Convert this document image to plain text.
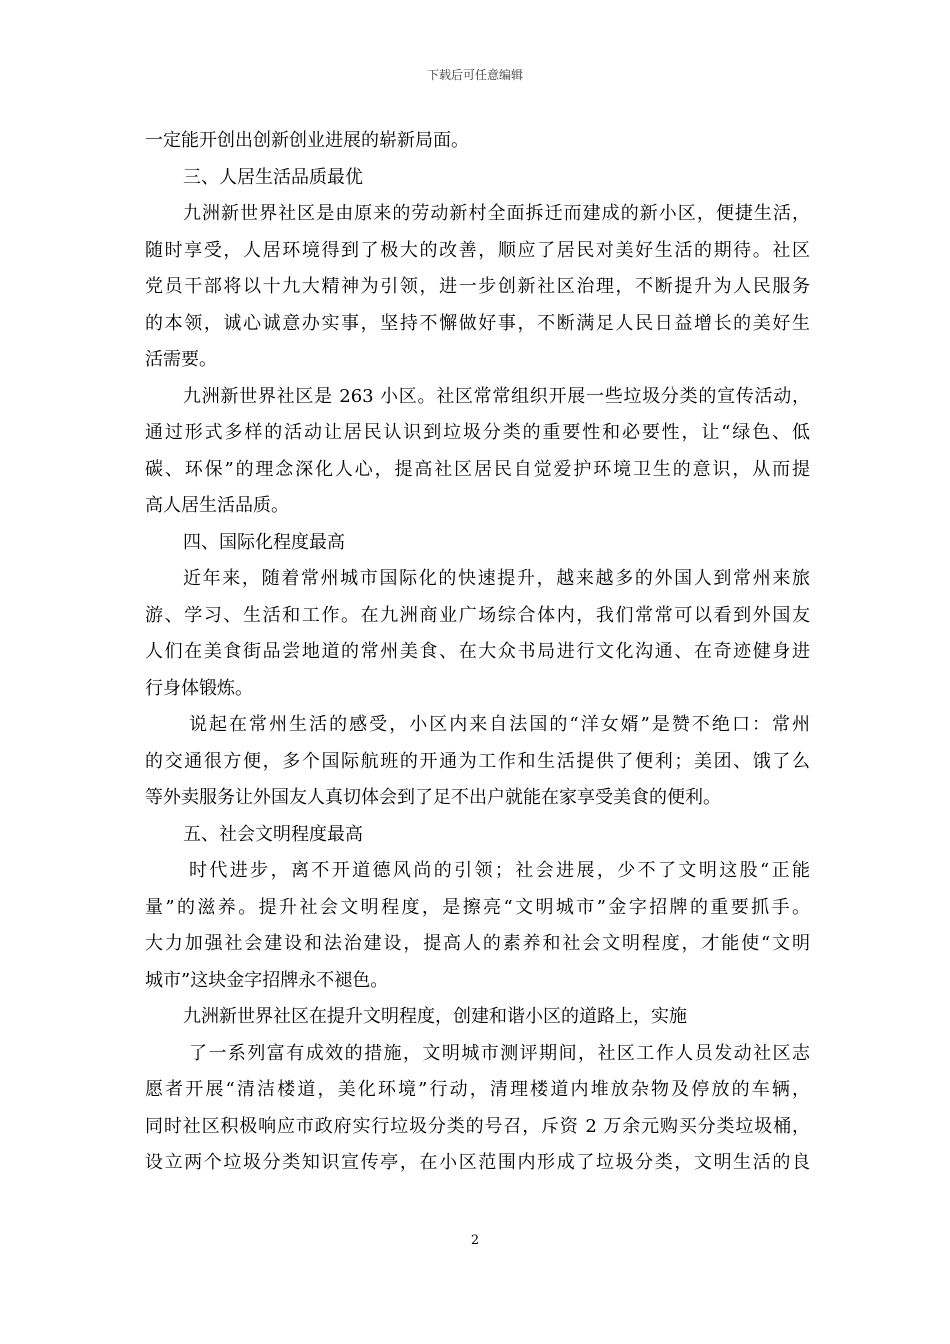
下载后可任意编辑
一定能开创出创新创业进展的崭新局面。
三、人居生活品质最优
九洲新世界社区是由原来的劳动新村全面拆迁而建成的新小区，便捷生活，
随时享受，人居环境得到了极大的改善，顺应了居民对美好生活的期待。社区
党员干部将以十九大精神为引领，进一步创新社区治理，不断提升为人民服务
的本领，诚心诚意办实事，坚持不懈做好事，不断满足人民日益增长的美好生
活需要。
九洲新世界社区是 263 小区。社区常常组织开展一些垃圾分类的宣传活动，
通过形式多样的活动让居民认识到垃圾分类的重要性和必要性，让“绿色、低
碳、环保”的理念深化人心，提高社区居民自觉爱护环境卫生的意识，从而提
高人居生活品质。
四、国际化程度最高
近年来，随着常州城市国际化的快速提升，越来越多的外国人到常州来旅
游、学习、生活和工作。在九洲商业广场综合体内，我们常常可以看到外国友
人们在美食街品尝地道的常州美食、在大众书局进行文化沟通、在奇迹健身进
行身体锻炼。
说起在常州生活的感受，小区内来自法国的“洋女婿”是赞不绝口：常州
的交通很方便，多个国际航班的开通为工作和生活提供了便利；美团、饿了么
等外卖服务让外国友人真切体会到了足不出户就能在家享受美食的便利。
五、社会文明程度最高
时代进步，离不开道德风尚的引领；社会进展，少不了文明这股“正能
量”的滋养。提升社会文明程度，是擦亮“文明城市”金字招牌的重要抓手。
大力加强社会建设和法治建设，提高人的素养和社会文明程度，才能使“文明
城市”这块金字招牌永不褪色。
九洲新世界社区在提升文明程度，创建和谐小区的道路上，实施
了一系列富有成效的措施，文明城市测评期间，社区工作人员发动社区志
愿者开展“清洁楼道，美化环境”行动，清理楼道内堆放杂物及停放的车辆，
同时社区积极响应市政府实行垃圾分类的号召，斥资 2 万余元购买分类垃圾桶，
设立两个垃圾分类知识宣传亭，在小区范围内形成了垃圾分类，文明生活的良
2
